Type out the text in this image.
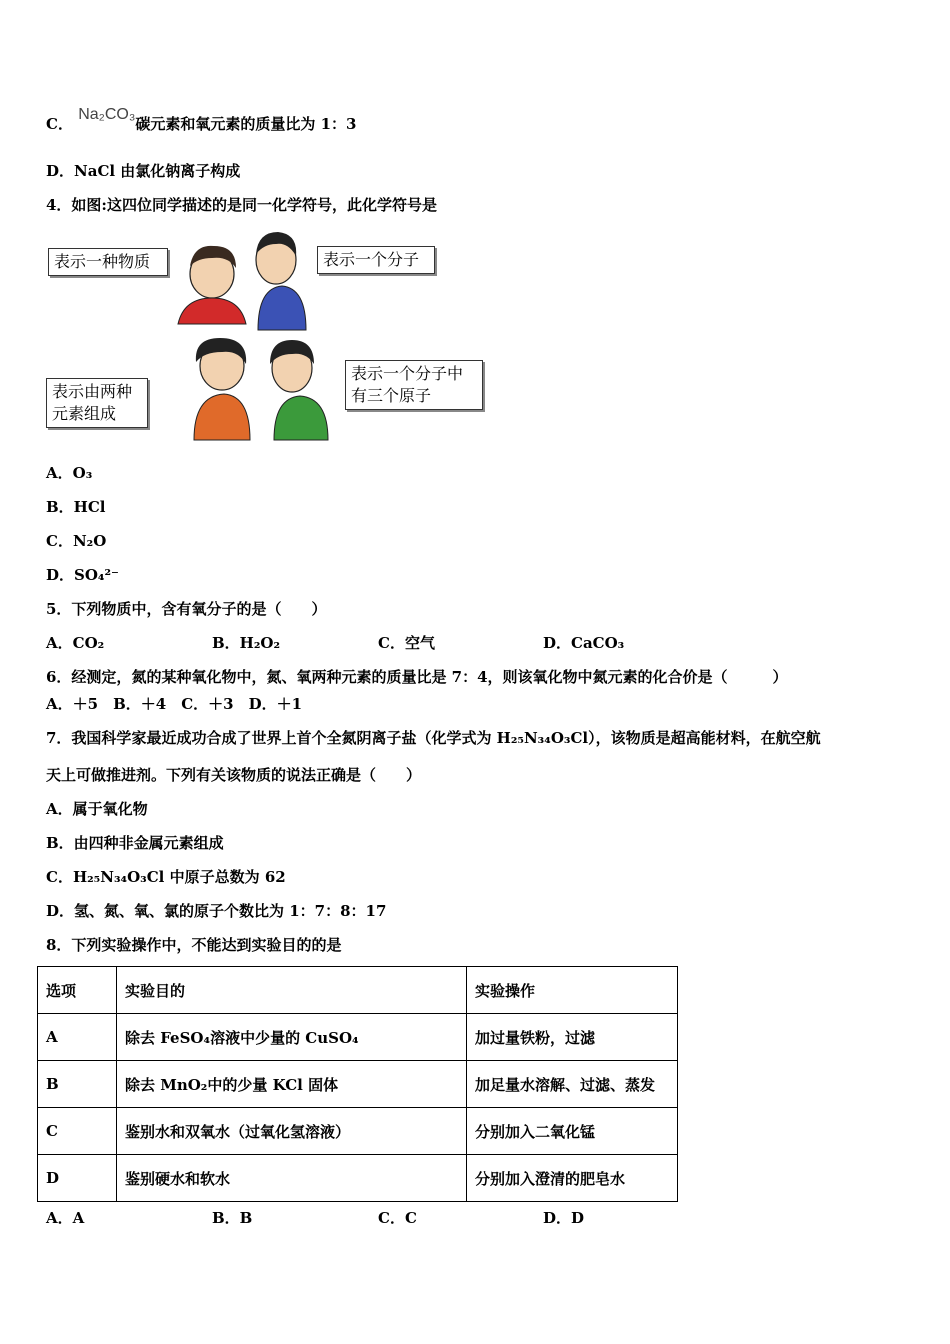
C． Na₂CO₃碳元素和氧元素的质量比为 1：3
D．NaCl 由氯化钠离子构成
4．如图:这四位同学描述的是同一化学符号，此化学符号是
表示一种物质	表示一个分子
表示由两种元素组成
表示一个分子中有三个原子
A．O₃
B．HCl
C．N₂O
D．SO₄²⁻
5．下列物质中，含有氧分子的是（　　）
A．CO₂	B．H₂O₂	C．空气	D．CaCO₃
6．经测定，氮的某种氧化物中，氮、氧两种元素的质量比是 7：4，则该氧化物中氮元素的化合价是（　　　）
A．＋5　B．＋4　C．＋3　D．＋1
7．我国科学家最近成功合成了世界上首个全氮阴离子盐（化学式为 H₂₅N₃₄O₃Cl），该物质是超高能材料，在航空航
天上可做推进剂。下列有关该物质的说法正确是（　　）
A．属于氧化物
B．由四种非金属元素组成
C．H₂₅N₃₄O₃Cl 中原子总数为 62
D．氢、氮、氧、氯的原子个数比为 1：7：8：17
8．下列实验操作中，不能达到实验目的的是
选项	实验目的	实验操作
A	除去 FeSO₄溶液中少量的 CuSO₄	加过量铁粉，过滤
B	除去 MnO₂中的少量 KCl 固体	加足量水溶解、过滤、蒸发
C	鉴别水和双氧水（过氧化氢溶液）	分别加入二氧化锰
D	鉴别硬水和软水	分别加入澄清的肥皂水
A．A	B．B	C．C	D．D
